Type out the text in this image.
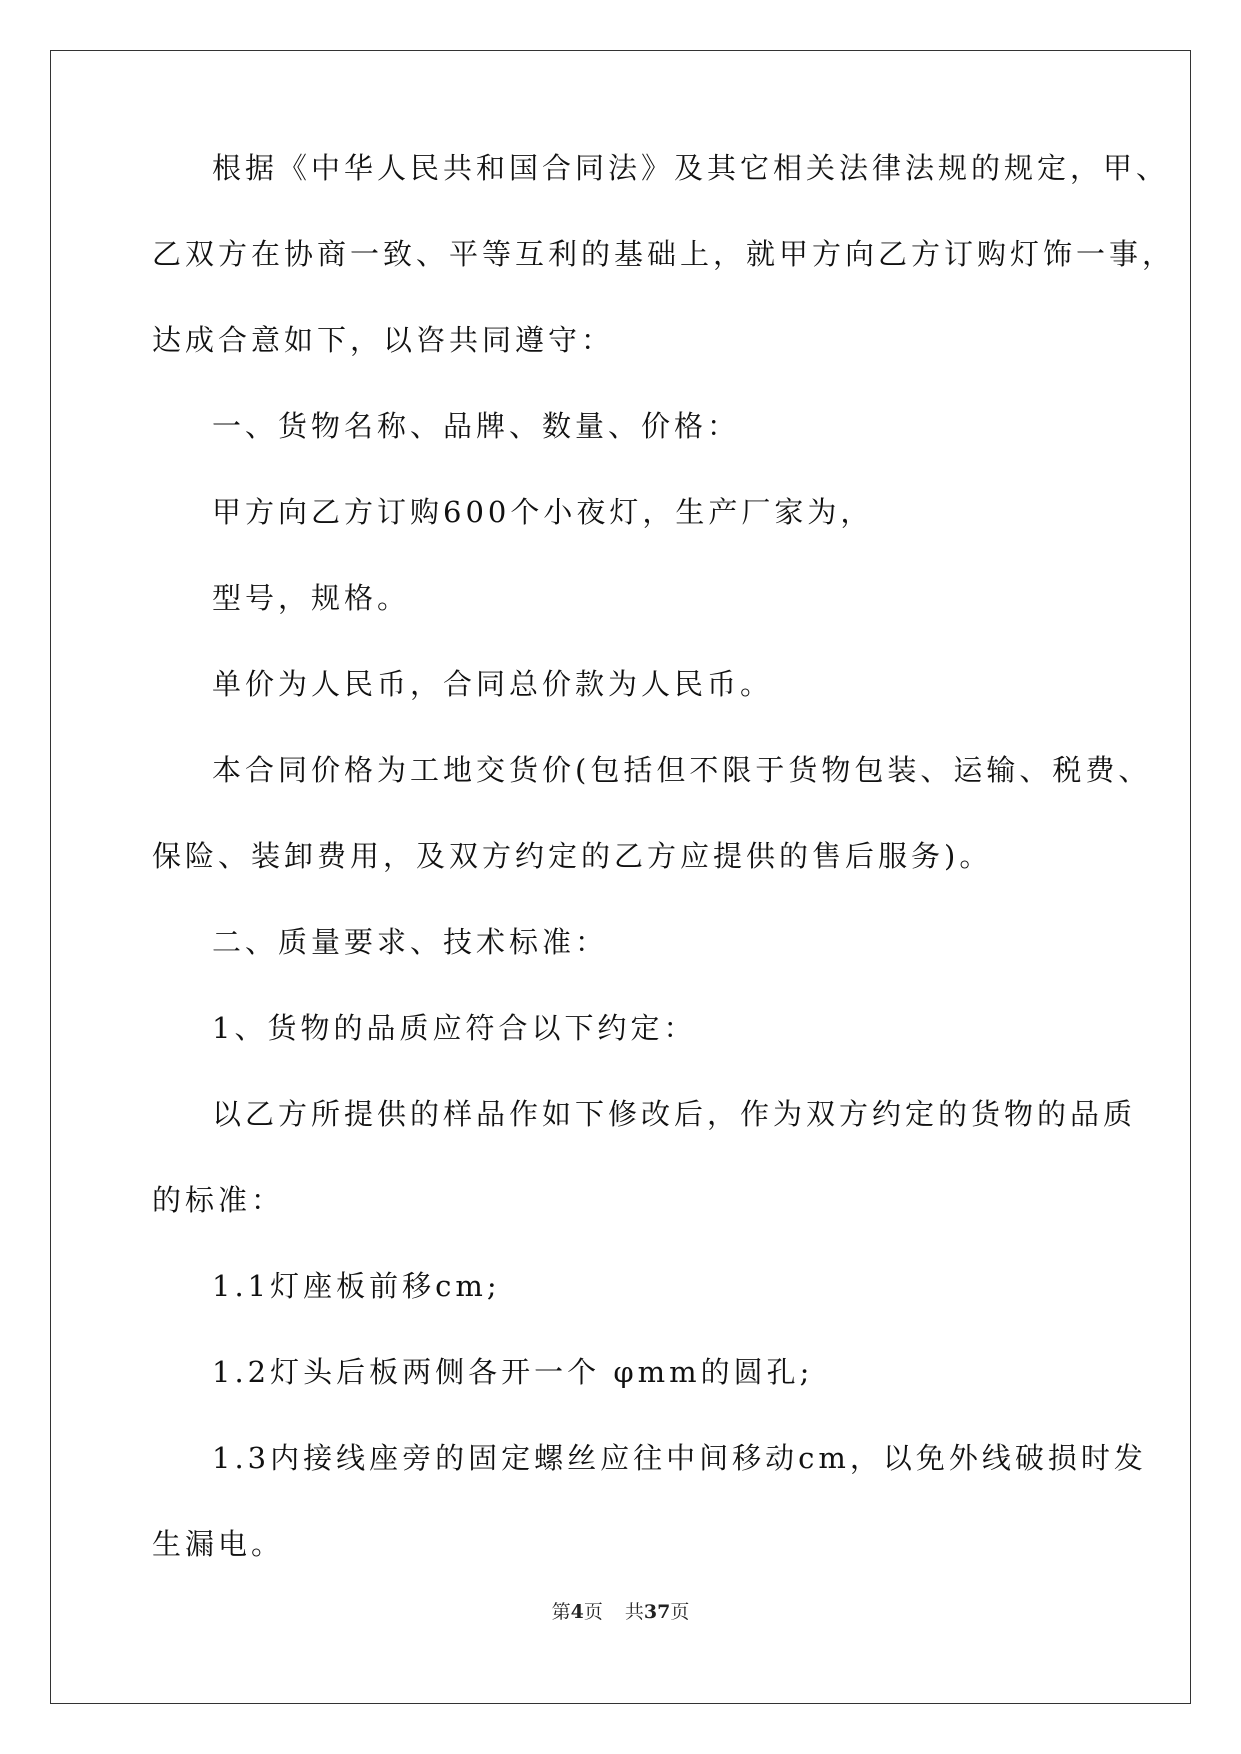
根据《中华人民共和国合同法》及其它相关法律法规的规定，甲、

乙双方在协商一致、平等互利的基础上，就甲方向乙方订购灯饰一事，

达成合意如下，以咨共同遵守：

一、货物名称、品牌、数量、价格：

甲方向乙方订购600个小夜灯，生产厂家为，

型号，规格。

单价为人民币，合同总价款为人民币。

本合同价格为工地交货价(包括但不限于货物包装、运输、税费、

保险、装卸费用，及双方约定的乙方应提供的售后服务)。

二、质量要求、技术标准：

1、货物的品质应符合以下约定：

以乙方所提供的样品作如下修改后，作为双方约定的货物的品质

的标准：

1.1灯座板前移cm;

1.2灯头后板两侧各开一个 φmm的圆孔;

1.3内接线座旁的固定螺丝应往中间移动cm，以免外线破损时发

生漏电。

第4页 共37页
